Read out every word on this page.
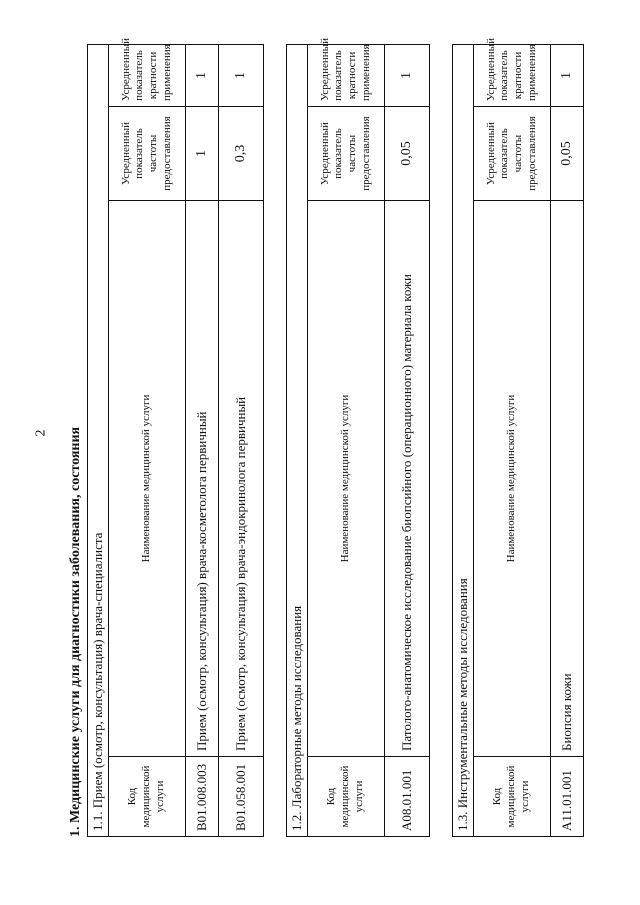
2 1. Медицинские услуги для диагностики заболевания, состояния 1.1. Прием (осмотр, консультация) врача-специалиста			
Код медицинской услуги	Наименование медицинской услуги	Усредненный показатель частоты предоставления	Усредненный показатель кратности применения
B01.008.003	Прием (осмотр, консультация) врача-косметолога первичный	1	1
B01.058.001	Прием (осмотр, консультация) врача-эндокринолога первичный	0,3	1
1.2. Лабораторные методы исследования			
Код медицинской услуги	Наименование медицинской услуги	Усредненный показатель частоты предоставления	Усредненный показатель кратности применения
A08.01.001	Патолого-анатомическое исследование биопсийного (операционного) материала кожи	0,05	1
1.3. Инструментальные методы исследования			
Код медицинской услуги	Наименование медицинской услуги	Усредненный показатель частоты предоставления	Усредненный показатель кратности применения
A11.01.001	Биопсия кожи	0,05	1
